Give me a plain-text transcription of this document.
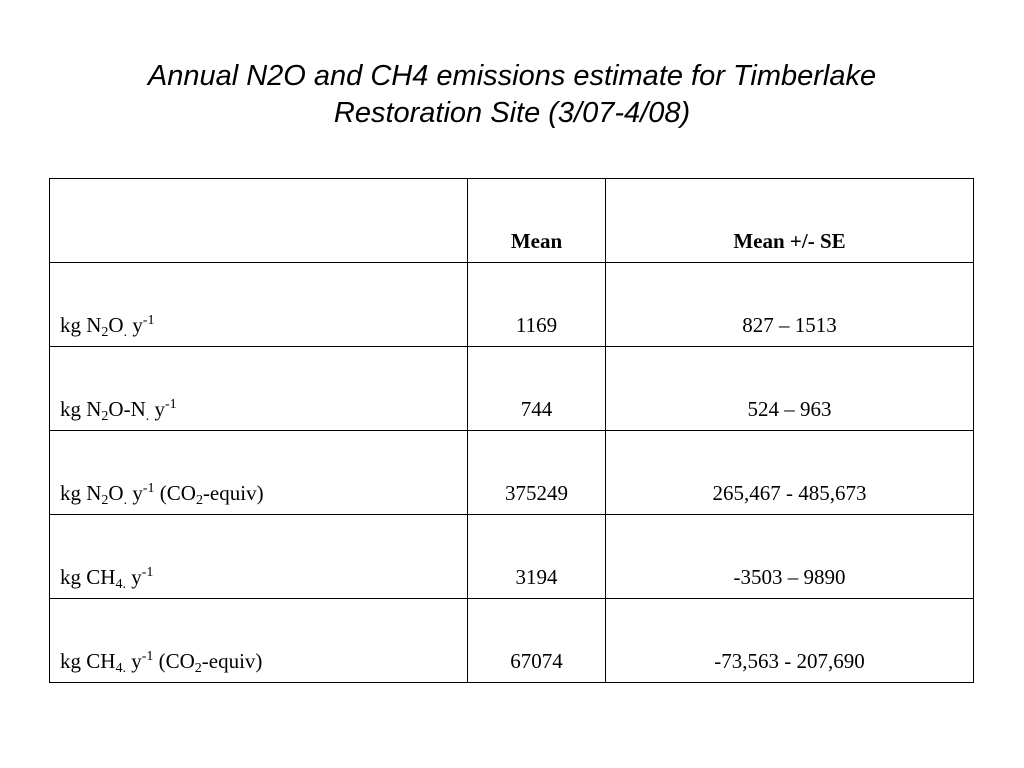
Annual N2O and CH4 emissions estimate for Timberlake
Restoration Site (3/07-4/08)
	Mean	Mean +/- SE
kg $N_2O_.$ $y^{-1}$	1169	827 – 1513
kg $N_2O-N_.$ $y^{-1}$	744	524 – 963
kg $N_2O_.$ $y^{-1}$ $(CO_2-equiv)$	375249	265,467 - 485,673
kg $CH_{4.}$ $y^{-1}$	3194	-3503 – 9890
kg $CH_{4.}$ $y^{-1}$ $(CO_2-equiv)$	67074	-73,563 - 207,690
